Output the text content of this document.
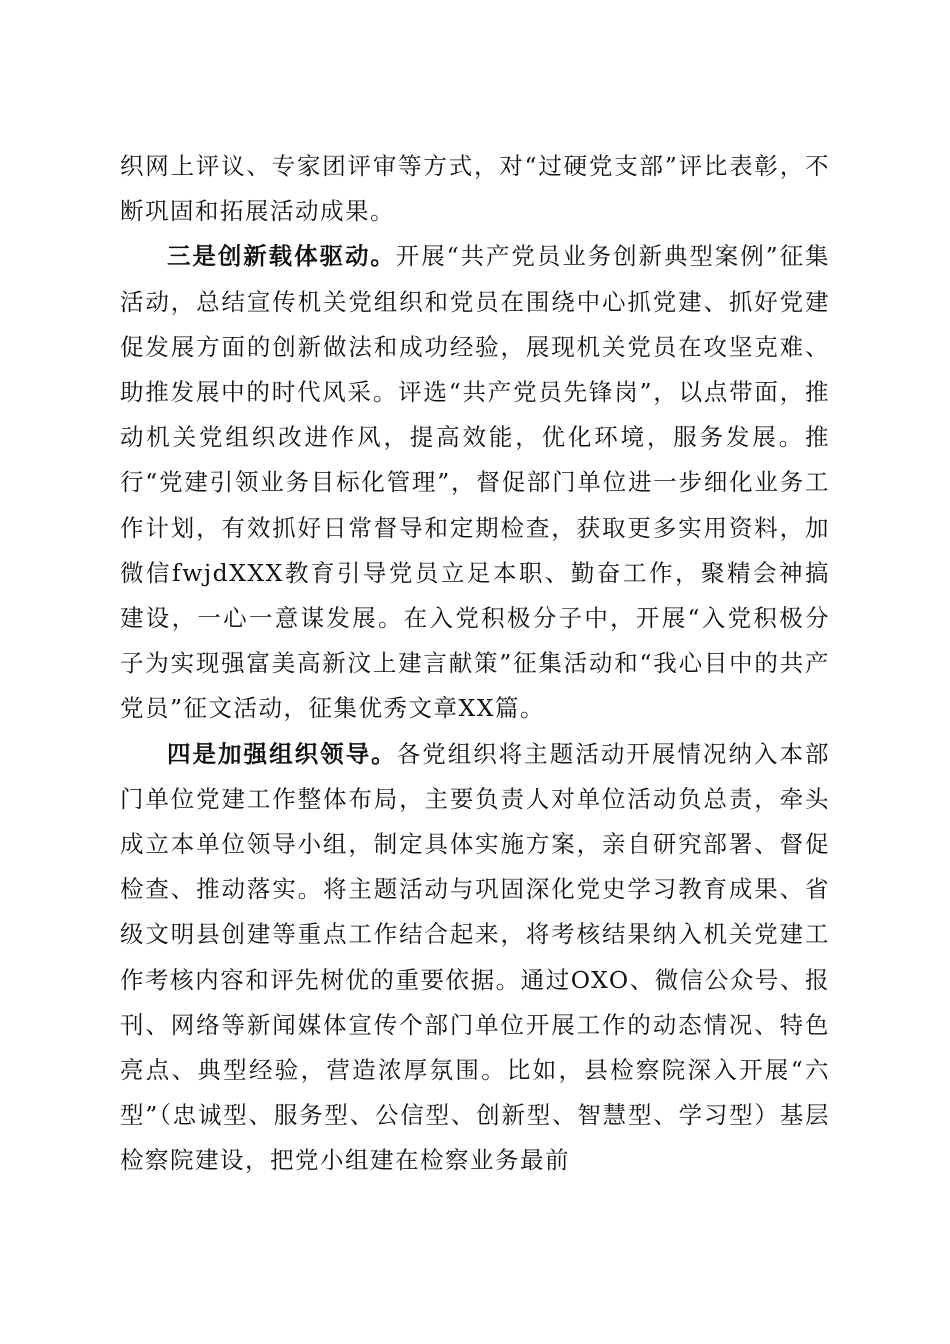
织网上评议、专家团评审等方式，对“过硬党支部”评比表彰，不断巩固和拓展活动成果。

三是创新载体驱动。开展“共产党员业务创新典型案例”征集活动，总结宣传机关党组织和党员在围绕中心抓党建、抓好党建促发展方面的创新做法和成功经验，展现机关党员在攻坚克难、助推发展中的时代风采。评选“共产党员先锋岗”，以点带面，推动机关党组织改进作风，提高效能，优化环境，服务发展。推行“党建引领业务目标化管理”，督促部门单位进一步细化业务工作计划，有效抓好日常督导和定期检查，获取更多实用资料，加微信fwjdXXX教育引导党员立足本职、勤奋工作，聚精会神搞建设，一心一意谋发展。在入党积极分子中，开展“入党积极分子为实现强富美高新汶上建言献策”征集活动和“我心目中的共产党员”征文活动，征集优秀文章XX篇。

四是加强组织领导。各党组织将主题活动开展情况纳入本部门单位党建工作整体布局，主要负责人对单位活动负总责，牵头成立本单位领导小组，制定具体实施方案，亲自研究部署、督促检查、推动落实。将主题活动与巩固深化党史学习教育成果、省级文明县创建等重点工作结合起来，将考核结果纳入机关党建工作考核内容和评先树优的重要依据。通过OXO、微信公众号、报刊、网络等新闻媒体宣传个部门单位开展工作的动态情况、特色亮点、典型经验，营造浓厚氛围。比如，县检察院深入开展“六型”（忠诚型、服务型、公信型、创新型、智慧型、学习型）基层检察院建设，把党小组建在检察业务最前
